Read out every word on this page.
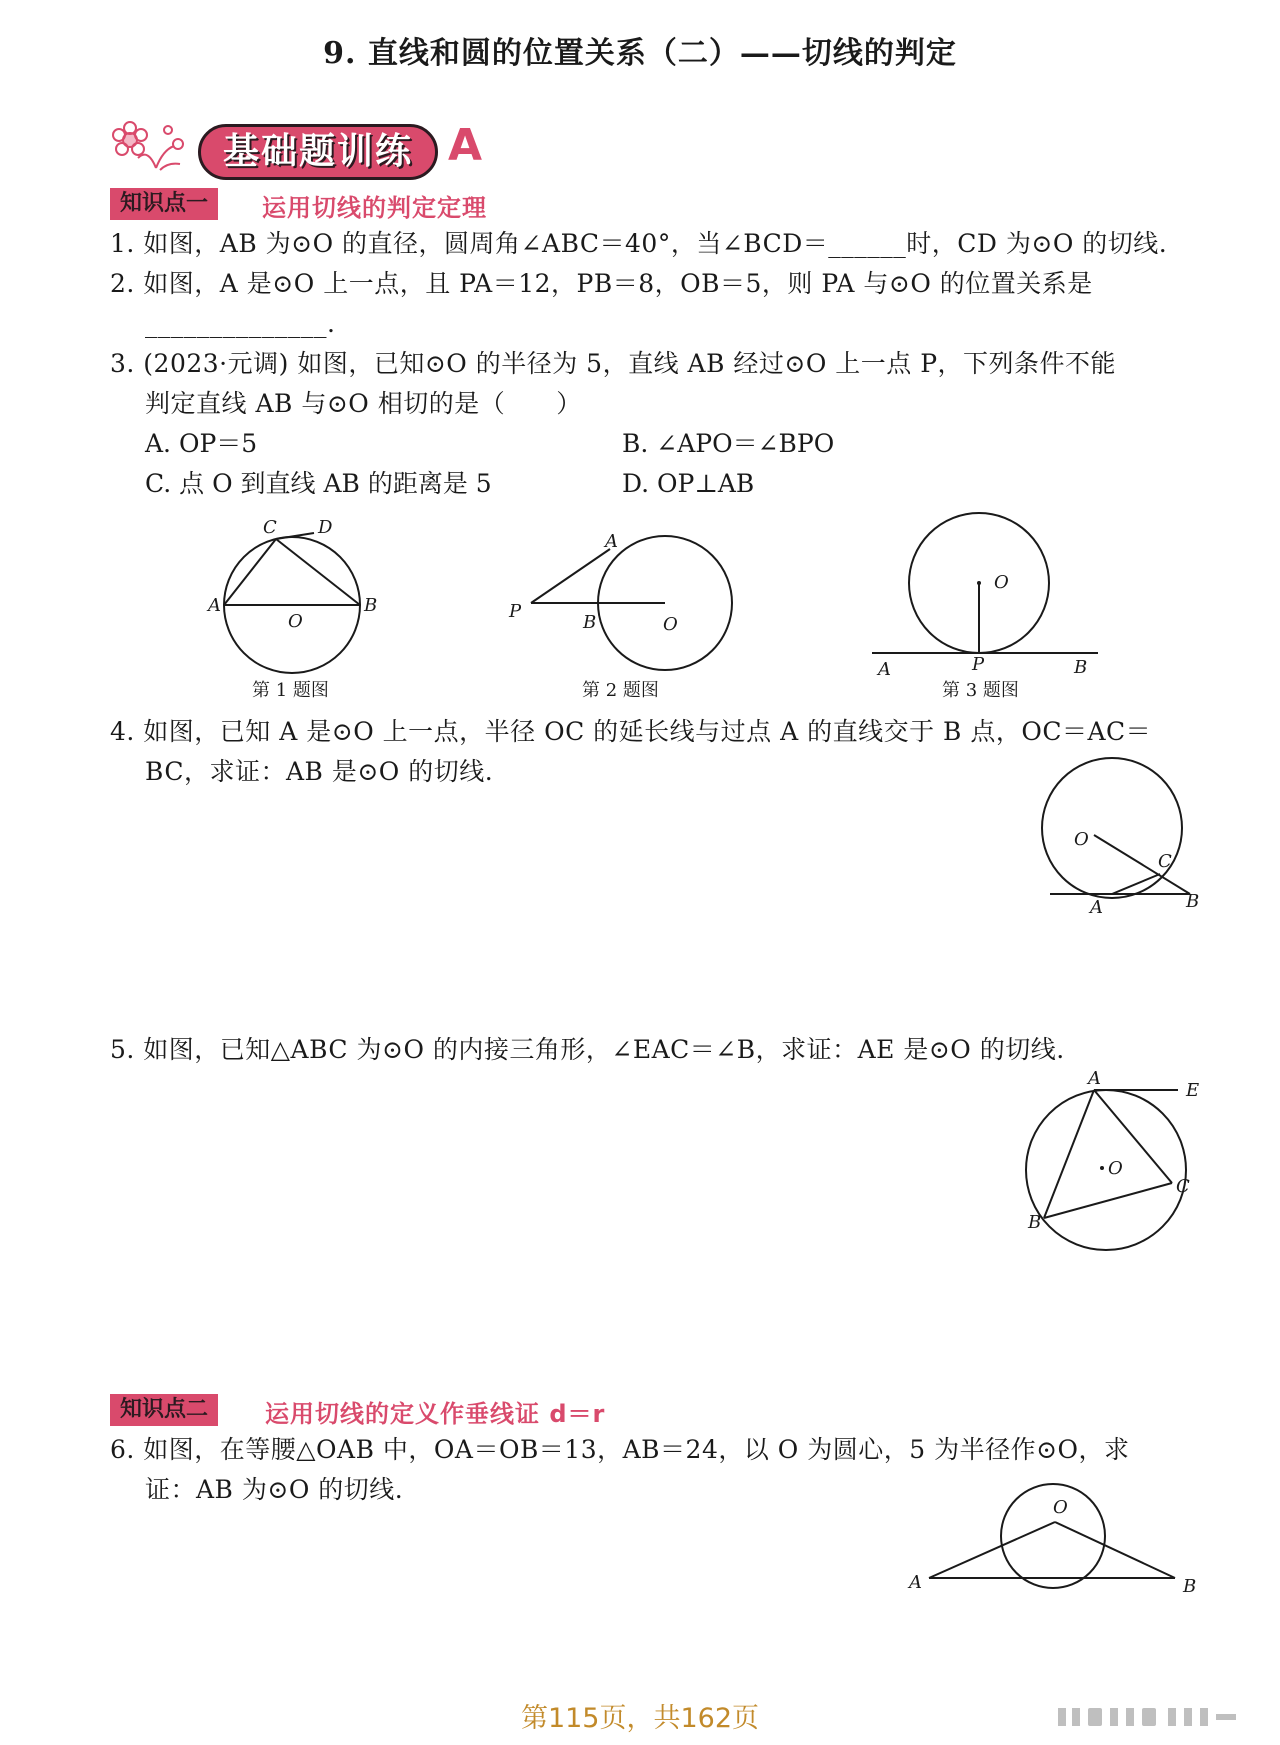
9. 直线和圆的位置关系（二）——切线的判定
基础题训练 A
知识点一	运用切线的判定定理
1. 如图，AB 为⊙O 的直径，圆周角∠ABC＝40°，当∠BCD＝______时，CD 为⊙O 的切线.
2. 如图，A 是⊙O 上一点，且 PA＝12，PB＝8，OB＝5，则 PA 与⊙O 的位置关系是
______________.
3. (2023·元调) 如图，已知⊙O 的半径为 5，直线 AB 经过⊙O 上一点 P，下列条件不能
判定直线 AB 与⊙O 相切的是（　　）
A. OP＝5	B. ∠APO＝∠BPO
C. 点 O 到直线 AB 的距离是 5	D. OP⊥AB
C D
A
O
B
第 1 题图
A
P
B	O
第 2 题图
O
A	P	B
第 3 题图
4. 如图，已知 A 是⊙O 上一点，半径 OC 的延长线与过点 A 的直线交于 B 点，OC＝AC＝
BC，求证：AB 是⊙O 的切线.
O
C
A	B
5. 如图，已知△ABC 为⊙O 的内接三角形，∠EAC＝∠B，求证：AE 是⊙O 的切线.
A
E
O
C
B
知识点二	运用切线的定义作垂线证 d＝r
6. 如图，在等腰△OAB 中，OA＝OB＝13，AB＝24，以 O 为圆心，5 为半径作⊙O，求
证：AB 为⊙O 的切线.
O
A	B
第115页，共162页
